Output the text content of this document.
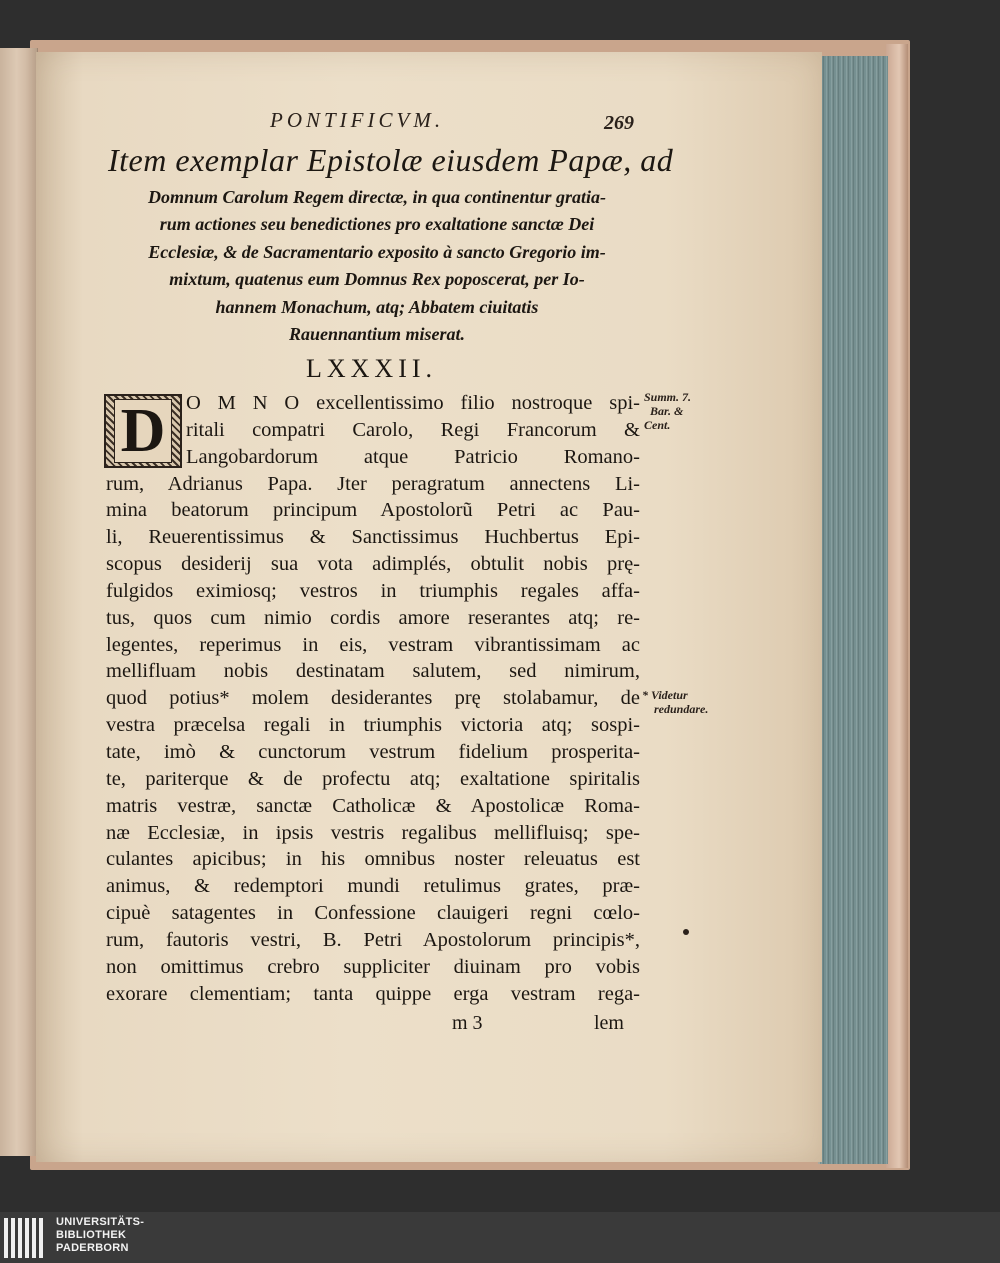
PONTIFICVM.	269
Item exemplar Epistolæ eiusdem Papæ, ad
Domnum Carolum Regem directæ, in qua continentur gratia-
rum actiones seu benedictiones pro exaltatione sanctæ Dei
Ecclesiæ, & de Sacramentario exposito à sancto Gregorio im-
mixtum, quatenus eum Domnus Rex poposcerat, per Io-
hannem Monachum, atq; Abbatem ciuitatis
Rauennantium miserat.
LXXXII.
D	O M N O excellentissimo filio nostroque spi-
ritali compatri Carolo, Regi Francorum &
Langobardorum atque Patricio Romano-
rum, Adrianus Papa. Jter peragratum annectens Li-
mina beatorum principum Apostolorũ Petri ac Pau-
li, Reuerentissimus & Sanctissimus Huchbertus Epi-
scopus desiderij sua vota adimplés, obtulit nobis prę-
fulgidos eximiosq; vestros in triumphis regales affa-
tus, quos cum nimio cordis amore reserantes atq; re-
legentes, reperimus in eis, vestram vibrantissimam ac
mellifluam nobis destinatam salutem, sed nimirum,
quod potius* molem desiderantes prę stolabamur, de
vestra præcelsa regali in triumphis victoria atq; sospi-
tate, imò & cunctorum vestrum fidelium prosperita-
te, pariterque & de profectu atq; exaltatione spiritalis
matris vestræ, sanctæ Catholicæ & Apostolicæ Roma-
næ Ecclesiæ, in ipsis vestris regalibus mellifluisq; spe-
culantes apicibus; in his omnibus noster releuatus est
animus, & redemptori mundi retulimus grates, præ-
cipuè satagentes in Confessione clauigeri regni cœlo-
rum, fautoris vestri, B. Petri Apostolorum principis*,
non omittimus crebro suppliciter diuinam pro vobis
exorare clementiam; tanta quippe erga vestram rega-
m 3	lem
Summ. 7.
Bar. &
Cent.
* Videtur
redundare.
UNIVERSITÄTS-
BIBLIOTHEK
PADERBORN
